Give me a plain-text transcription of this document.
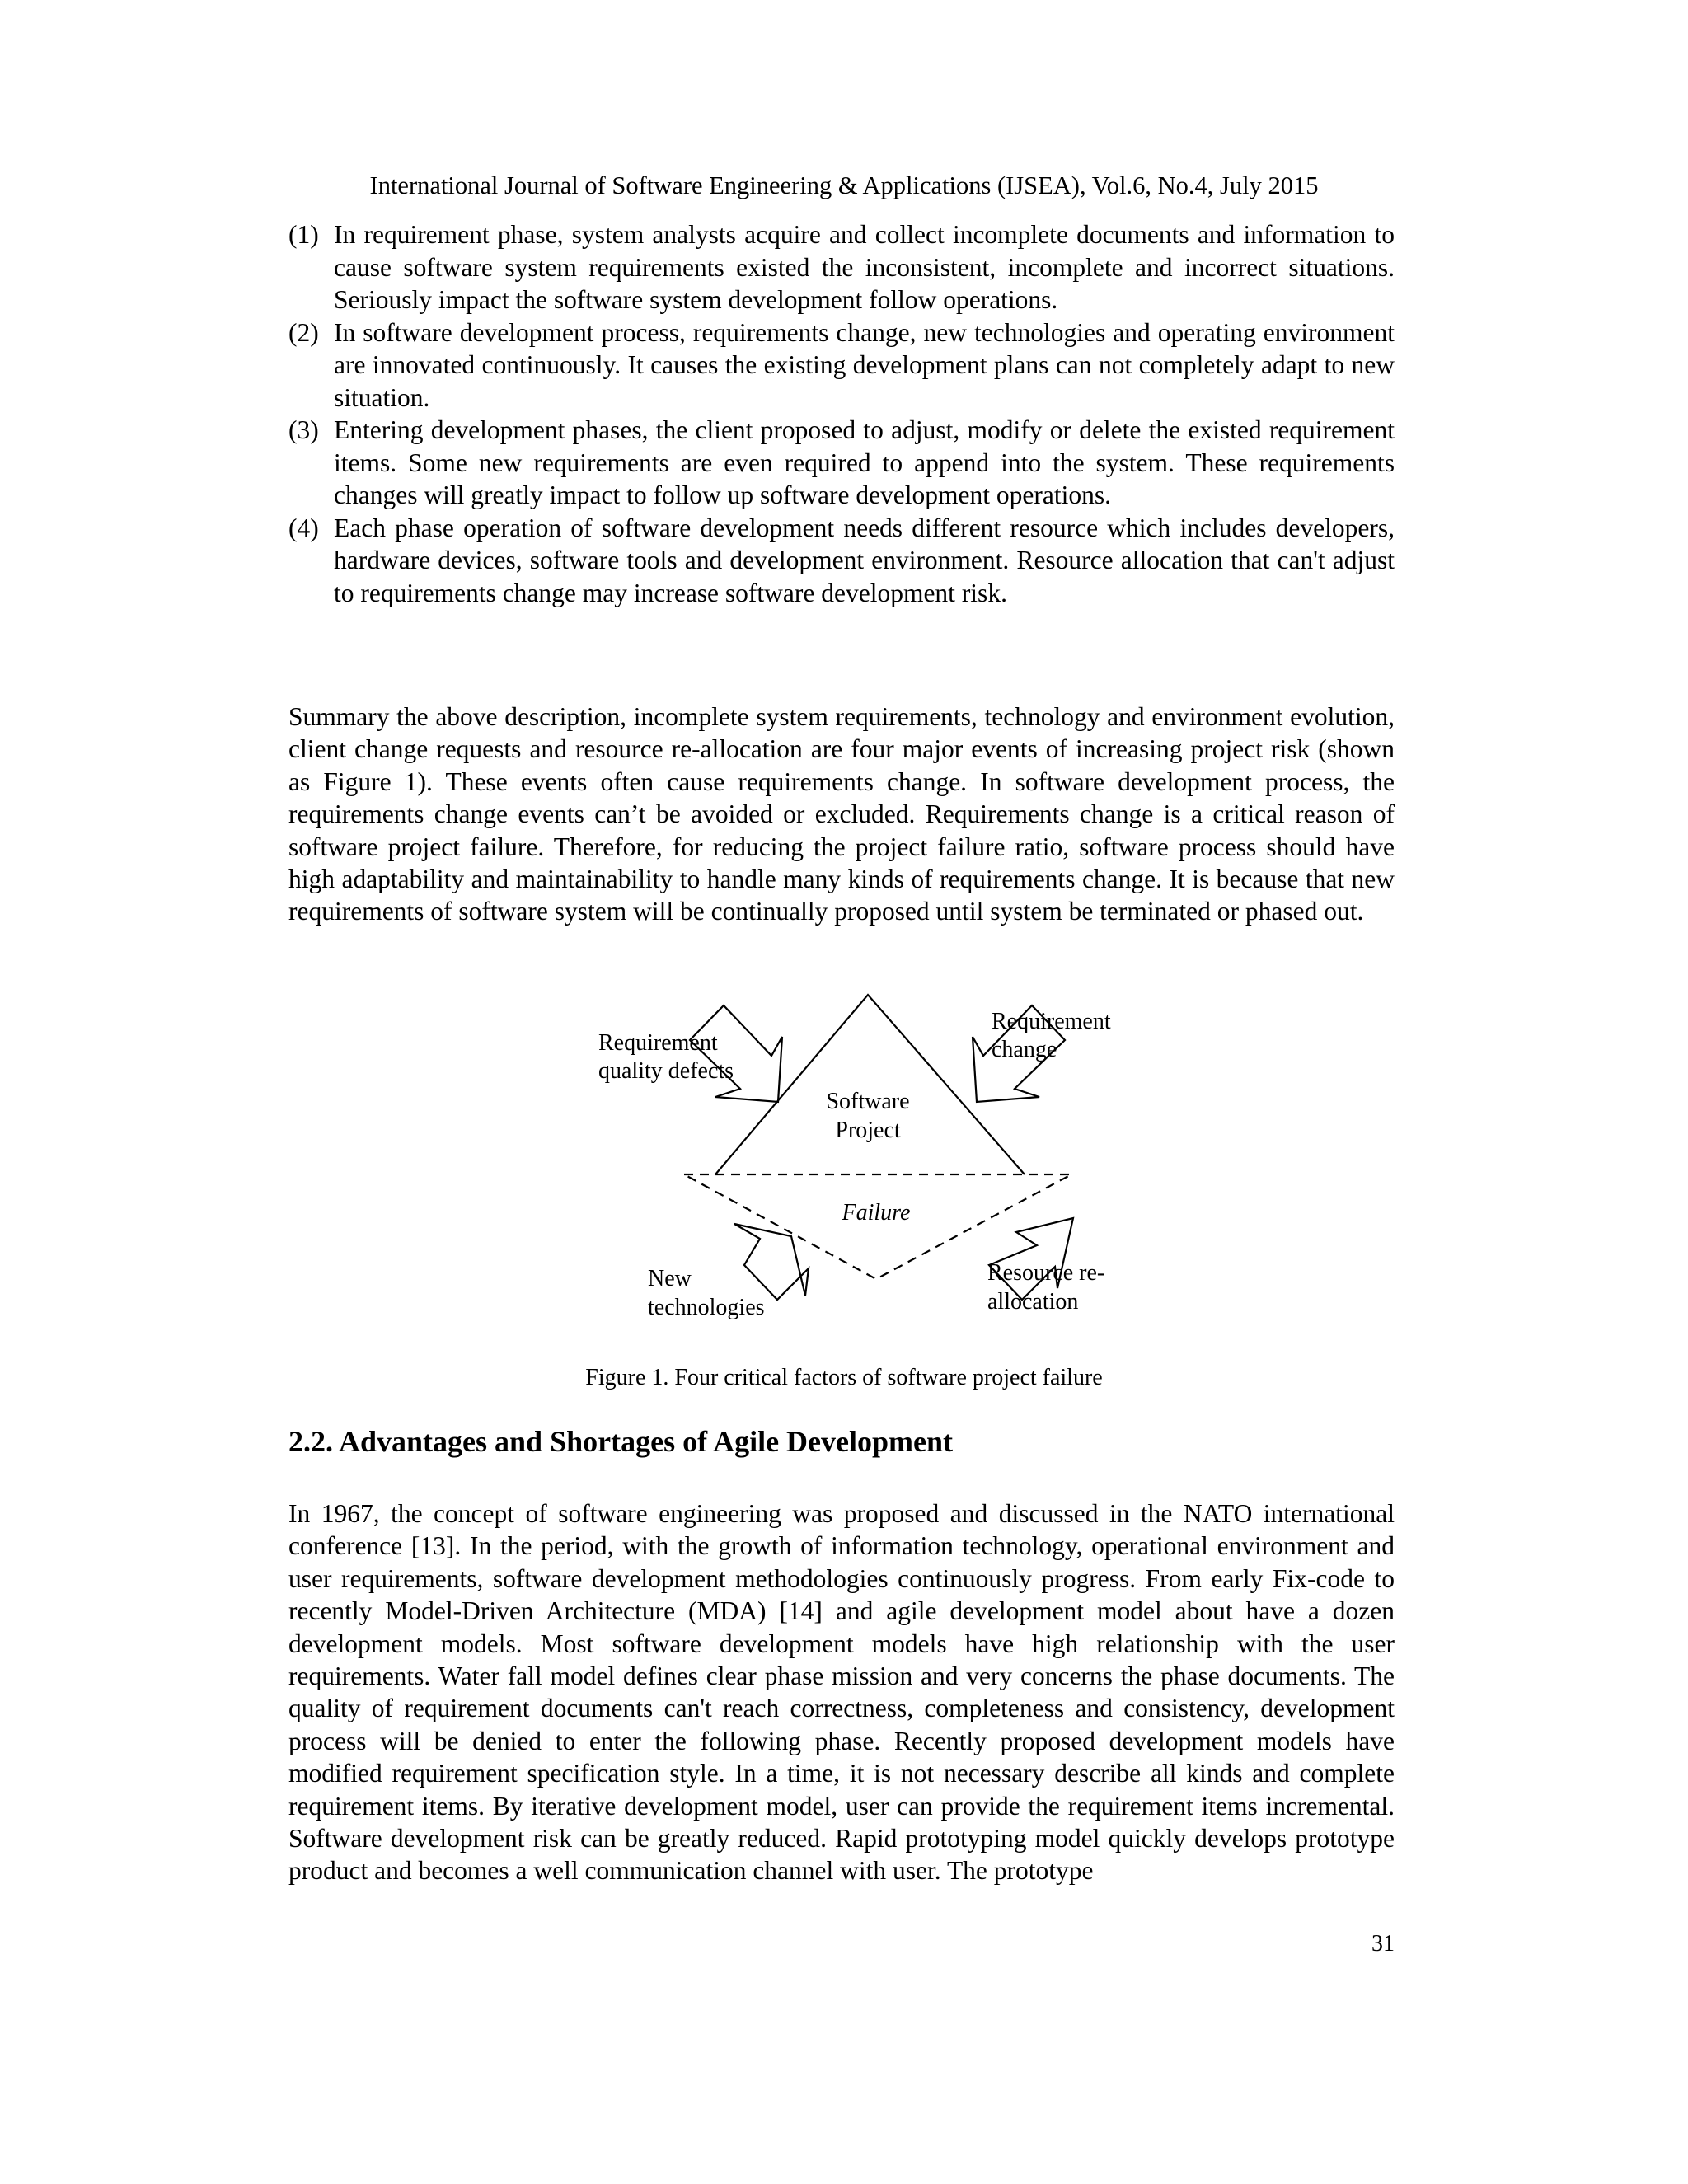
International Journal of Software Engineering & Applications (IJSEA), Vol.6, No.4, July 2015
(1) In requirement phase, system analysts acquire and collect incomplete documents and information to cause software system requirements existed the inconsistent, incomplete and incorrect situations. Seriously impact the software system development follow operations.
(2) In software development process, requirements change, new technologies and operating environment are innovated continuously. It causes the existing development plans can not completely adapt to new situation.
(3) Entering development phases, the client proposed to adjust, modify or delete the existed requirement items. Some new requirements are even required to append into the system. These requirements changes will greatly impact to follow up software development operations.
(4) Each phase operation of software development needs different resource which includes developers, hardware devices, software tools and development environment. Resource allocation that can't adjust to requirements change may increase software development risk.
Summary the above description, incomplete system requirements, technology and environment evolution, client change requests and resource re-allocation are four major events of increasing project risk (shown as Figure 1). These events often cause requirements change. In software development process, the requirements change events can’t be avoided or excluded. Requirements change is a critical reason of software project failure. Therefore, for reducing the project failure ratio, software process should have high adaptability and maintainability to handle many kinds of requirements change. It is because that new requirements of software system will be continually proposed until system be terminated or phased out.
Requirement
quality defects
Requirement
change
Software
Project
Failure
New
technologies
Resource re-
allocation
Figure 1. Four critical factors of software project failure
2.2. Advantages and Shortages of Agile Development
In 1967, the concept of software engineering was proposed and discussed in the NATO international conference [13]. In the period, with the growth of information technology, operational environment and user requirements, software development methodologies continuously progress. From early Fix-code to recently Model-Driven Architecture (MDA) [14] and agile development model about have a dozen development models. Most software development models have high relationship with the user requirements. Water fall model defines clear phase mission and very concerns the phase documents. The quality of requirement documents can't reach correctness, completeness and consistency, development process will be denied to enter the following phase. Recently proposed development models have modified requirement specification style. In a time, it is not necessary describe all kinds and complete requirement items. By iterative development model, user can provide the requirement items incremental. Software development risk can be greatly reduced. Rapid prototyping model quickly develops prototype product and becomes a well communication channel with user. The prototype
31
